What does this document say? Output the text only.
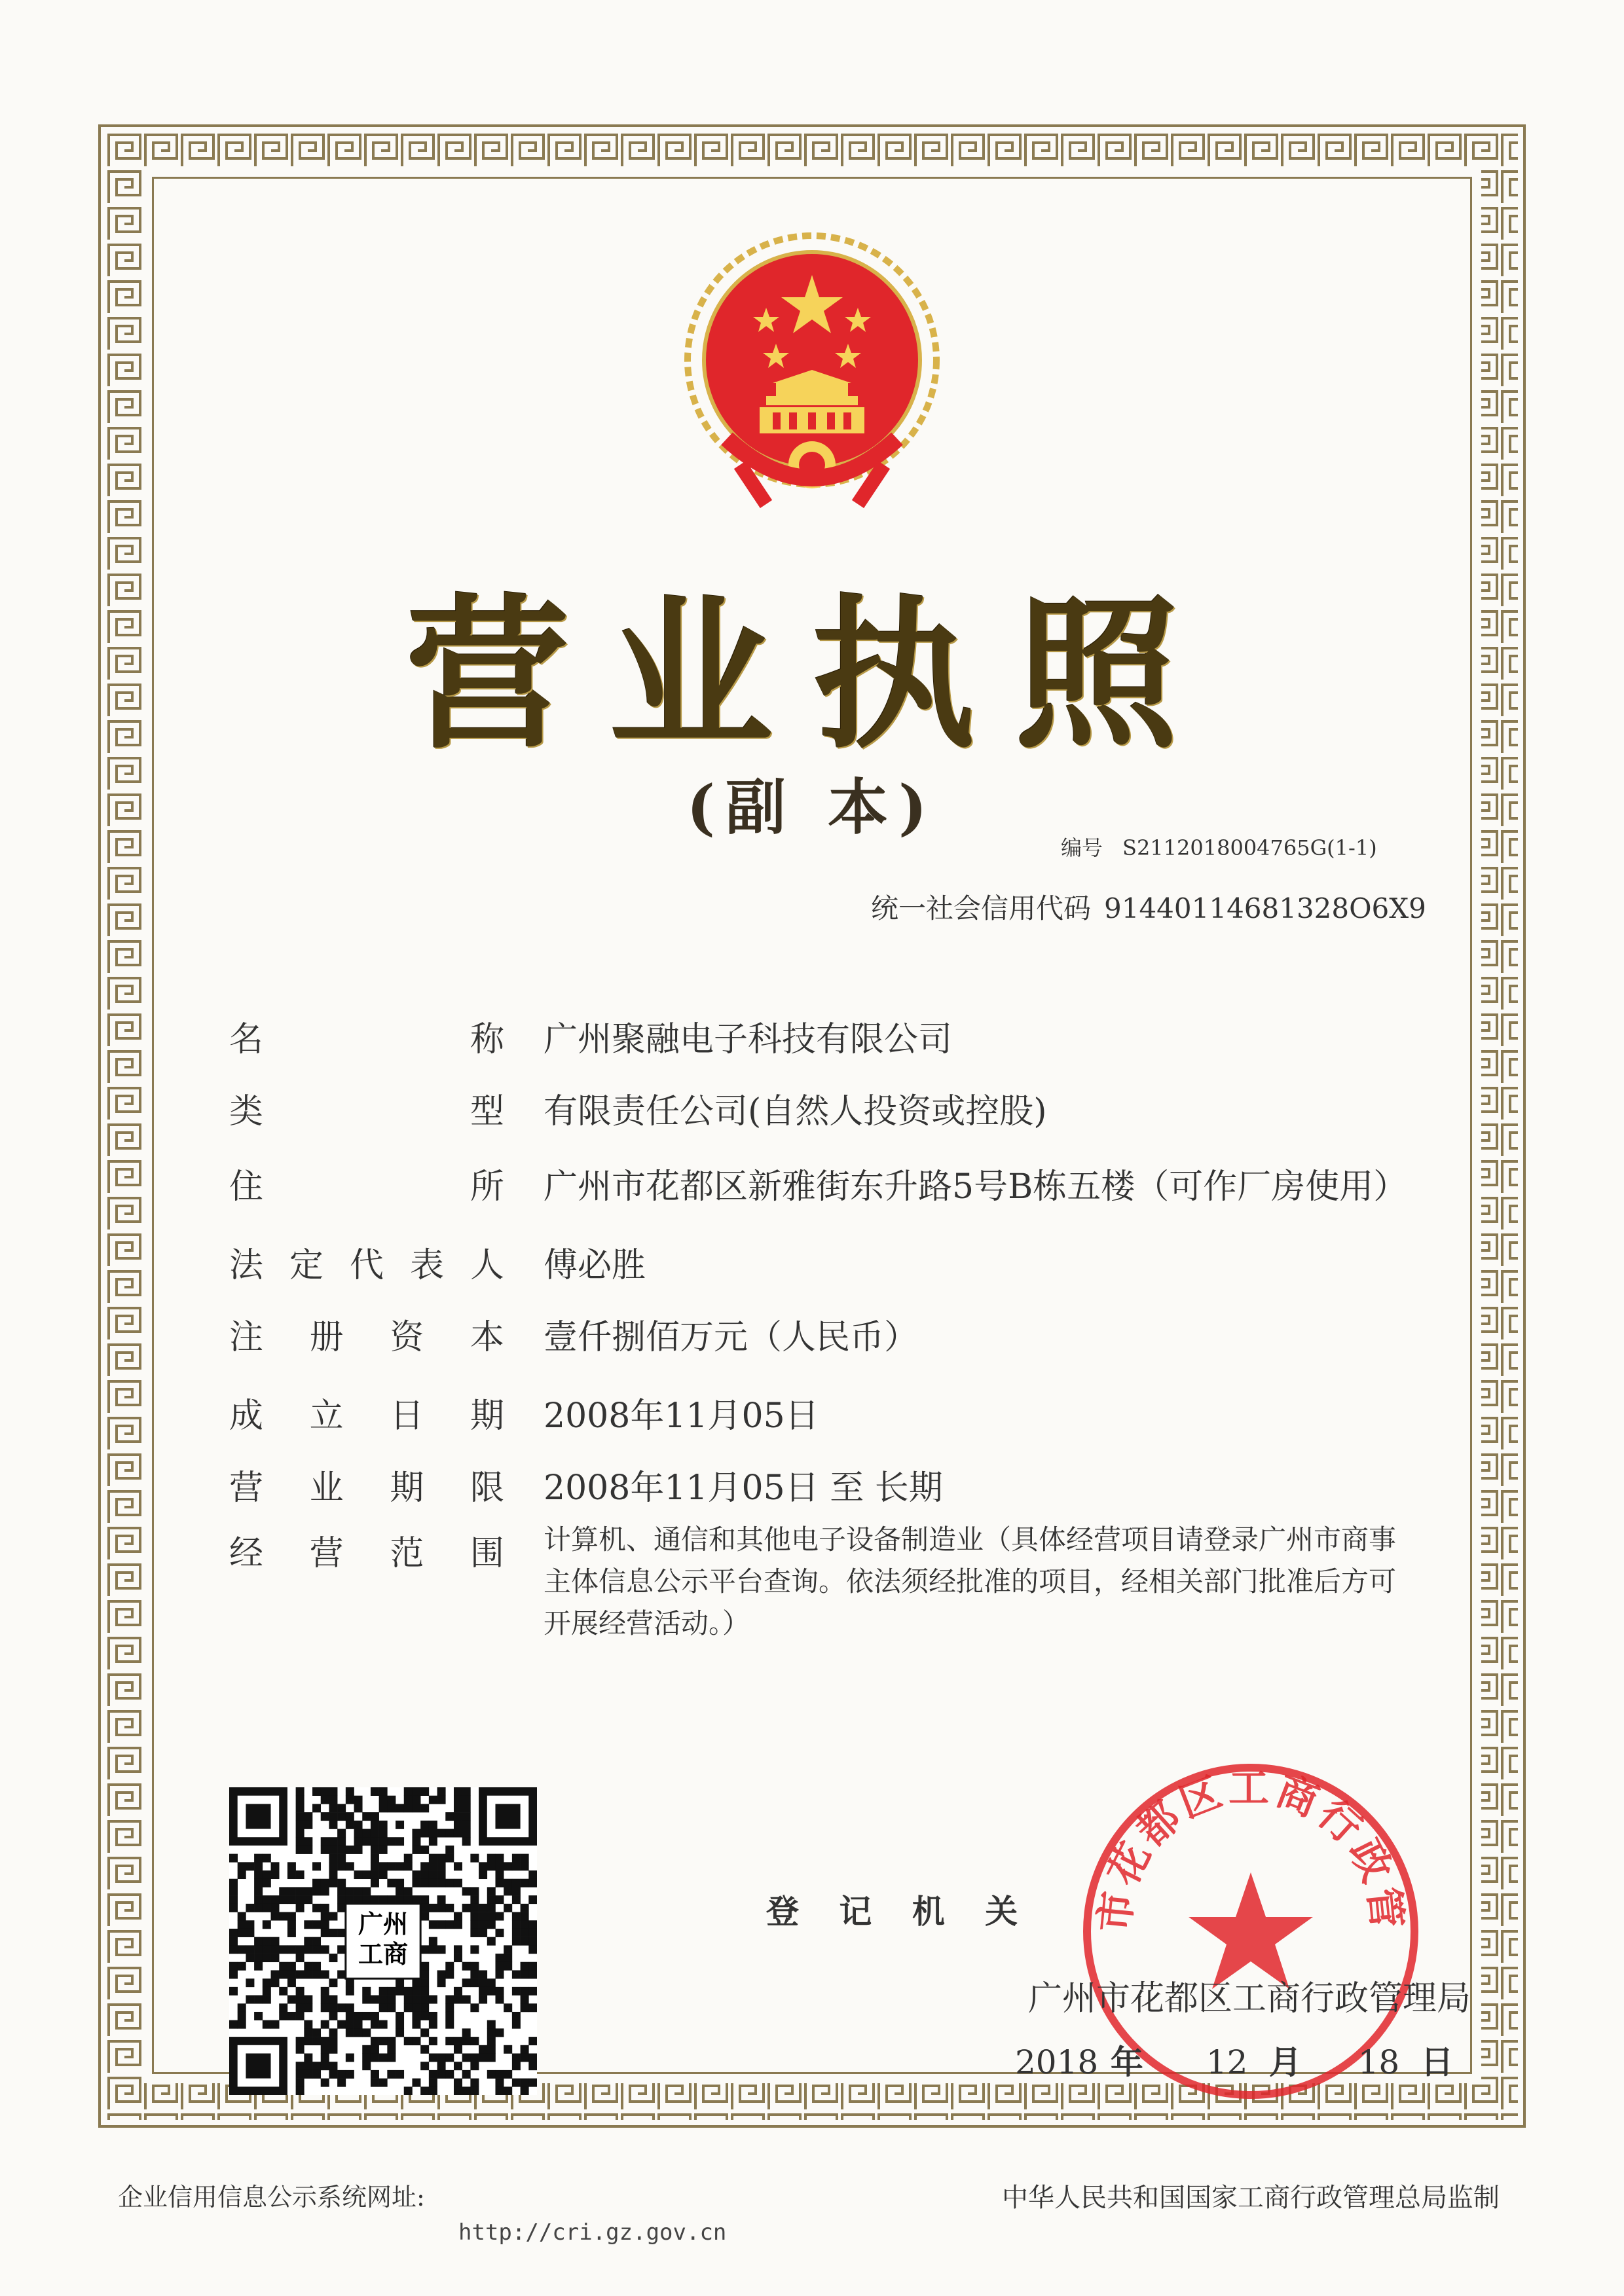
营业执照
(副 本)
编号 S2112018004765G(1-1)
统一社会信用代码 91440114681328O6X9
名	称 广州聚融电子科技有限公司
类	型 有限责任公司(自然人投资或控股)
住	所 广州市花都区新雅街东升路5号B栋五楼（可作厂房使用）
法 定 代 表 人 傅必胜
注 册 资 本 壹仟捌佰万元（人民币）
成 立 日 期 2008年11月05日
营 业 期 限 2008年11月05日 至 长期
经 营 范 围 计算机、通信和其他电子设备制造业（具体经营项目请登录广州市商事主体信息公示平台查询。依法须经批准的项目，经相关部门批准后方可开展经营活动。）
广州
工商
登 记 机 关	市花都区工商行政管
广州市花都区工商行政管理局
2018 年 12 月 18 日
企业信用信息公示系统网址:
http://cri.gz.gov.cn
中华人民共和国国家工商行政管理总局监制
